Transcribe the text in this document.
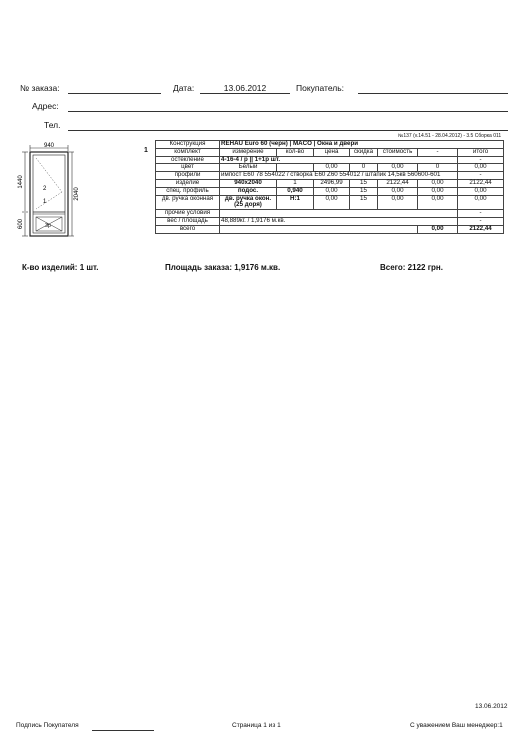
№ заказа:	Дата:	13.06.2012	Покупатель:
Адрес:
Тел.
№137 (v.14.51 - 28.04.2012) - 3.5 Сборка 011
940
2
1
Зр
1440
600
2040
1
Конструкция	REHAU Euro 60 (черн) | MACO | Окна и двери						
комплект	измерение	кол-во	цена	скидка	стоимость	-	итого
остекление	4-16-4 / р || 1+1р шт.						-
цвет	Белый		0,00	0	0,00	0	0,00
профили	импост E60 78 554022 / створка E60 Z60 554012 / штапик 14,5кв 560600-601						-
изделие	940x2040	1	2496,99	15	2122,44	0,00	2122,44
спец. профиль	подос.	0,940	0,00	15	0,00	0,00	0,00
дв. ручка оконная	дв. ручка окон.(25 доря)	Н:1	0,00	15	0,00	0,00	0,00
прочие условия							-
вес / площадь	48,889кг. / 1,9176 м.кв.						-
всего						0,00	2122,44
К-во изделий: 1 шт.	Площадь заказа: 1,9176 м.кв.	Всего: 2122 грн.
13.06.2012
Подпись Покупателя	Страница 1 из 1	С уважением Ваш менеджер:1
